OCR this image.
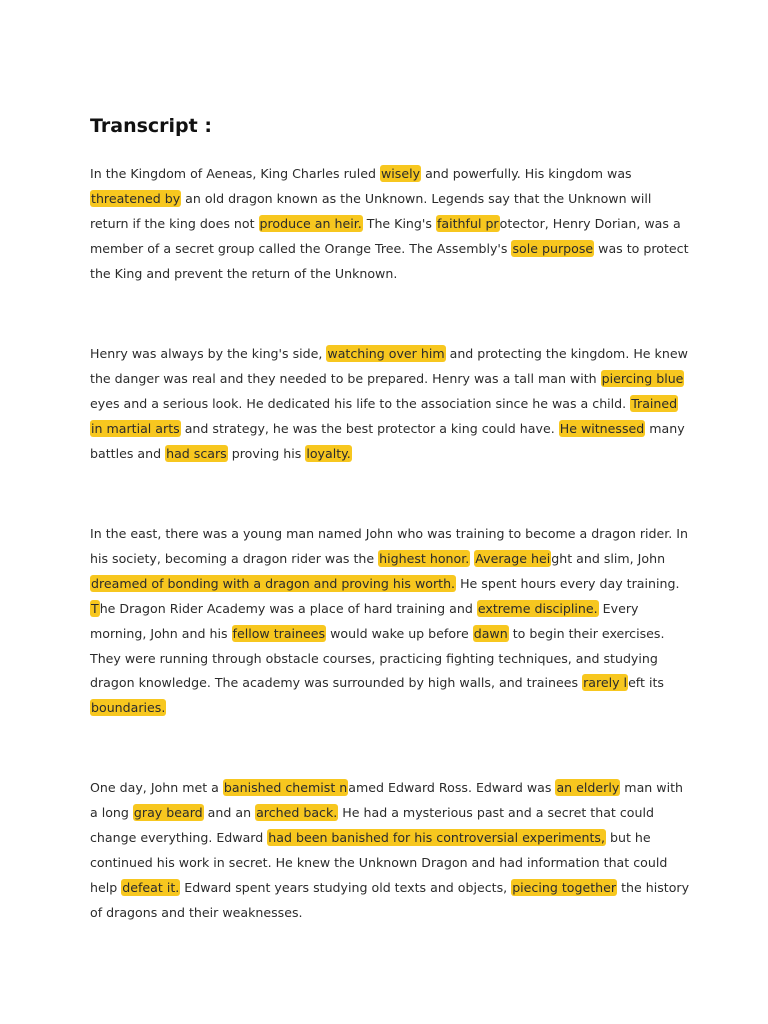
Transcript :

In the Kingdom of Aeneas, King Charles ruled wisely and powerfully. His kingdom was threatened by an old dragon known as the Unknown. Legends say that the Unknown will return if the king does not produce an heir. The King's faithful protector, Henry Dorian, was a member of a secret group called the Orange Tree. The Assembly's sole purpose was to protect the King and prevent the return of the Unknown.

Henry was always by the king's side, watching over him and protecting the kingdom. He knew the danger was real and they needed to be prepared. Henry was a tall man with piercing blue eyes and a serious look. He dedicated his life to the association since he was a child. Trained in martial arts and strategy, he was the best protector a king could have. He witnessed many battles and had scars proving his loyalty.

In the east, there was a young man named John who was training to become a dragon rider. In his society, becoming a dragon rider was the highest honor. Average height and slim, John dreamed of bonding with a dragon and proving his worth. He spent hours every day training. The Dragon Rider Academy was a place of hard training and extreme discipline. Every morning, John and his fellow trainees would wake up before dawn to begin their exercises. They were running through obstacle courses, practicing fighting techniques, and studying dragon knowledge. The academy was surrounded by high walls, and trainees rarely left its boundaries.

One day, John met a banished chemist named Edward Ross. Edward was an elderly man with a long gray beard and an arched back. He had a mysterious past and a secret that could change everything. Edward had been banished for his controversial experiments, but he continued his work in secret. He knew the Unknown Dragon and had information that could help defeat it. Edward spent years studying old texts and objects, piecing together the history of dragons and their weaknesses.
